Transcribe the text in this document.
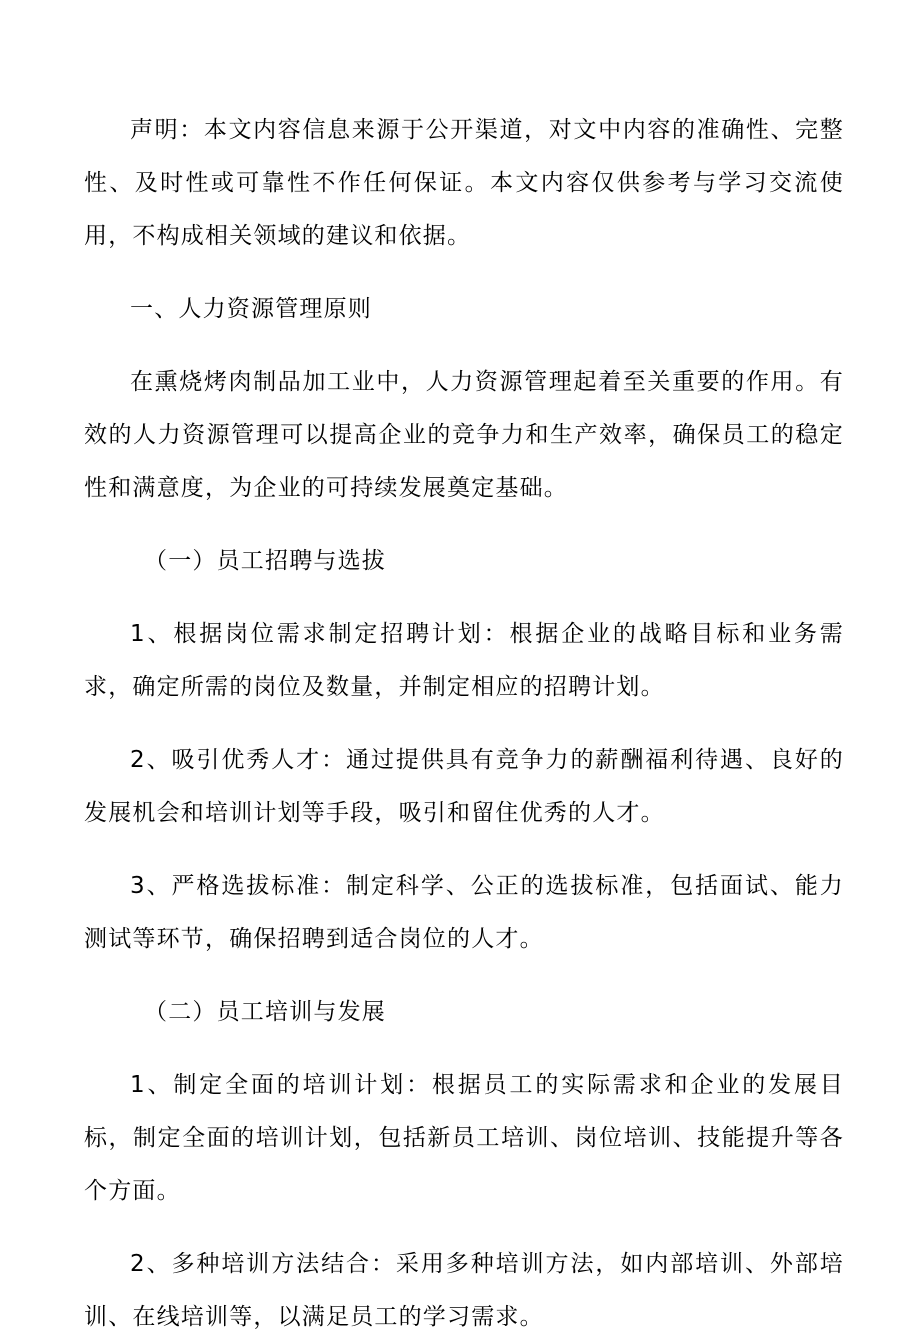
声明：本文内容信息来源于公开渠道，对文中内容的准确性、完整性、及时性或可靠性不作任何保证。本文内容仅供参考与学习交流使用，不构成相关领域的建议和依据。

一、人力资源管理原则

在熏烧烤肉制品加工业中，人力资源管理起着至关重要的作用。有效的人力资源管理可以提高企业的竞争力和生产效率，确保员工的稳定性和满意度，为企业的可持续发展奠定基础。

（一）员工招聘与选拔

1、根据岗位需求制定招聘计划：根据企业的战略目标和业务需求，确定所需的岗位及数量，并制定相应的招聘计划。

2、吸引优秀人才：通过提供具有竞争力的薪酬福利待遇、良好的发展机会和培训计划等手段，吸引和留住优秀的人才。

3、严格选拔标准：制定科学、公正的选拔标准，包括面试、能力测试等环节，确保招聘到适合岗位的人才。

（二）员工培训与发展

1、制定全面的培训计划：根据员工的实际需求和企业的发展目标，制定全面的培训计划，包括新员工培训、岗位培训、技能提升等各个方面。

2、多种培训方法结合：采用多种培训方法，如内部培训、外部培训、在线培训等，以满足员工的学习需求。
